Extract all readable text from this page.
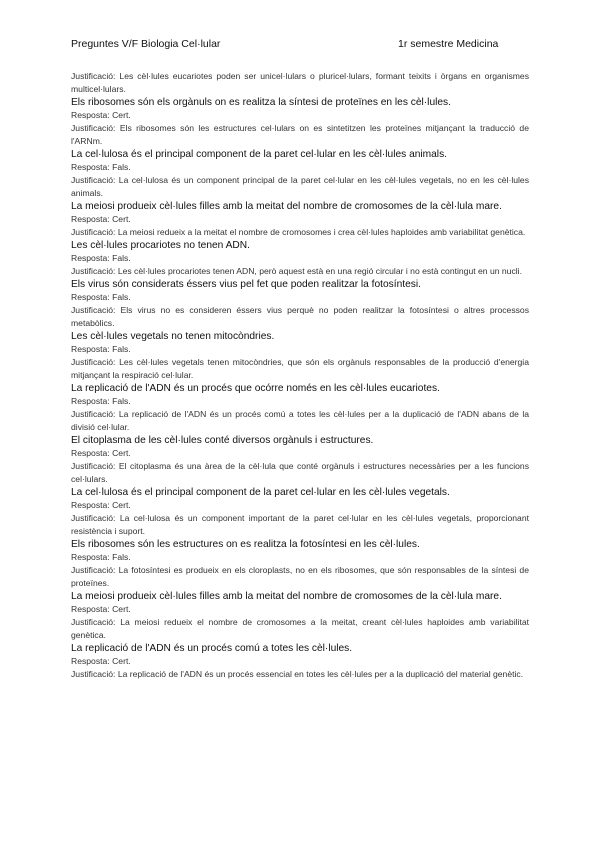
Preguntes V/F Biologia Cel·lular	1r semestre Medicina

Justificació: Les cèl·lules eucariotes poden ser unicel·lulars o pluricel·lulars, formant teixits i òrgans en organismes multicel·lulars.

Els ribosomes són els orgànuls on es realitza la síntesi de proteïnes en les cèl·lules.

Resposta: Cert.

Justificació: Els ribosomes són les estructures cel·lulars on es sintetitzen les proteïnes mitjançant la traducció de l'ARNm.

La cel·lulosa és el principal component de la paret cel·lular en les cèl·lules animals.

Resposta: Fals.

Justificació: La cel·lulosa és un component principal de la paret cel·lular en les cèl·lules vegetals, no en les cèl·lules animals.

La meiosi produeix cèl·lules filles amb la meitat del nombre de cromosomes de la cèl·lula mare.

Resposta: Cert.

Justificació: La meiosi redueix a la meitat el nombre de cromosomes i crea cèl·lules haploides amb variabilitat genètica.

Les cèl·lules procariotes no tenen ADN.

Resposta: Fals.

Justificació: Les cèl·lules procariotes tenen ADN, però aquest està en una regió circular i no està contingut en un nucli.

Els virus són considerats éssers vius pel fet que poden realitzar la fotosíntesi.

Resposta: Fals.

Justificació: Els virus no es consideren éssers vius perquè no poden realitzar la fotosíntesi o altres processos metabòlics.

Les cèl·lules vegetals no tenen mitocòndries.

Resposta: Fals.

Justificació: Les cèl·lules vegetals tenen mitocòndries, que són els orgànuls responsables de la producció d'energia mitjançant la respiració cel·lular.

La replicació de l'ADN és un procés que ocórre només en les cèl·lules eucariotes.

Resposta: Fals.

Justificació: La replicació de l'ADN és un procés comú a totes les cèl·lules per a la duplicació de l'ADN abans de la divisió cel·lular.

El citoplasma de les cèl·lules conté diversos orgànuls i estructures.

Resposta: Cert.

Justificació: El citoplasma és una àrea de la cèl·lula que conté orgànuls i estructures necessàries per a les funcions cel·lulars.

La cel·lulosa és el principal component de la paret cel·lular en les cèl·lules vegetals.

Resposta: Cert.

Justificació: La cel·lulosa és un component important de la paret cel·lular en les cèl·lules vegetals, proporcionant resistència i suport.

Els ribosomes són les estructures on es realitza la fotosíntesi en les cèl·lules.

Resposta: Fals.

Justificació: La fotosíntesi es produeix en els cloroplasts, no en els ribosomes, que són responsables de la síntesi de proteïnes.

La meiosi produeix cèl·lules filles amb la meitat del nombre de cromosomes de la cèl·lula mare.

Resposta: Cert.

Justificació: La meiosi redueix el nombre de cromosomes a la meitat, creant cèl·lules haploides amb variabilitat genètica.

La replicació de l'ADN és un procés comú a totes les cèl·lules.

Resposta: Cert.

Justificació: La replicació de l'ADN és un procés essencial en totes les cèl·lules per a la duplicació del material genètic.
